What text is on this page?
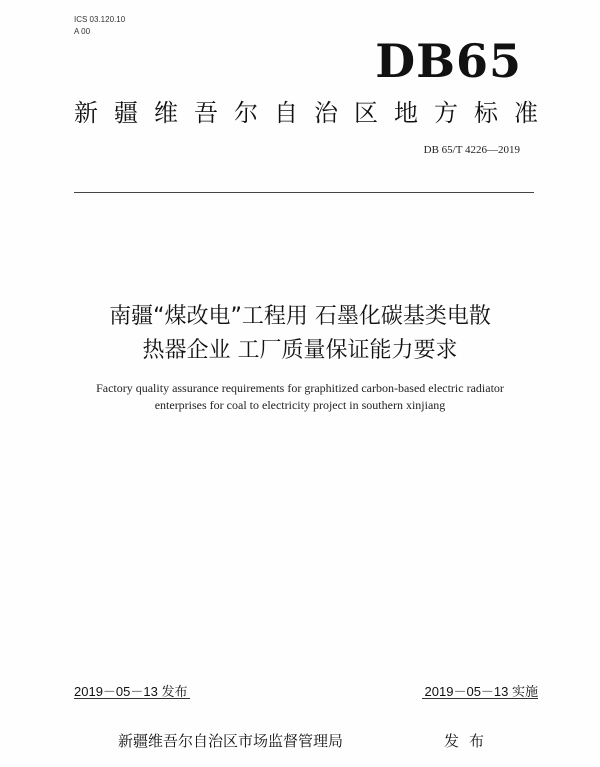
ICS 03.120.10
A 00
DB65
新 疆 维 吾 尔 自 治 区 地 方 标 准
DB 65/T 4226—2019
南疆“煤改电”工程用 石墨化碳基类电散
热器企业 工厂质量保证能力要求
Factory quality assurance requirements for graphitized carbon-based electric radiator
enterprises for coal to electricity project in southern xinjiang
2019－05－13 发布	2019－05－13 实施
新疆维吾尔自治区市场监督管理局	发布
